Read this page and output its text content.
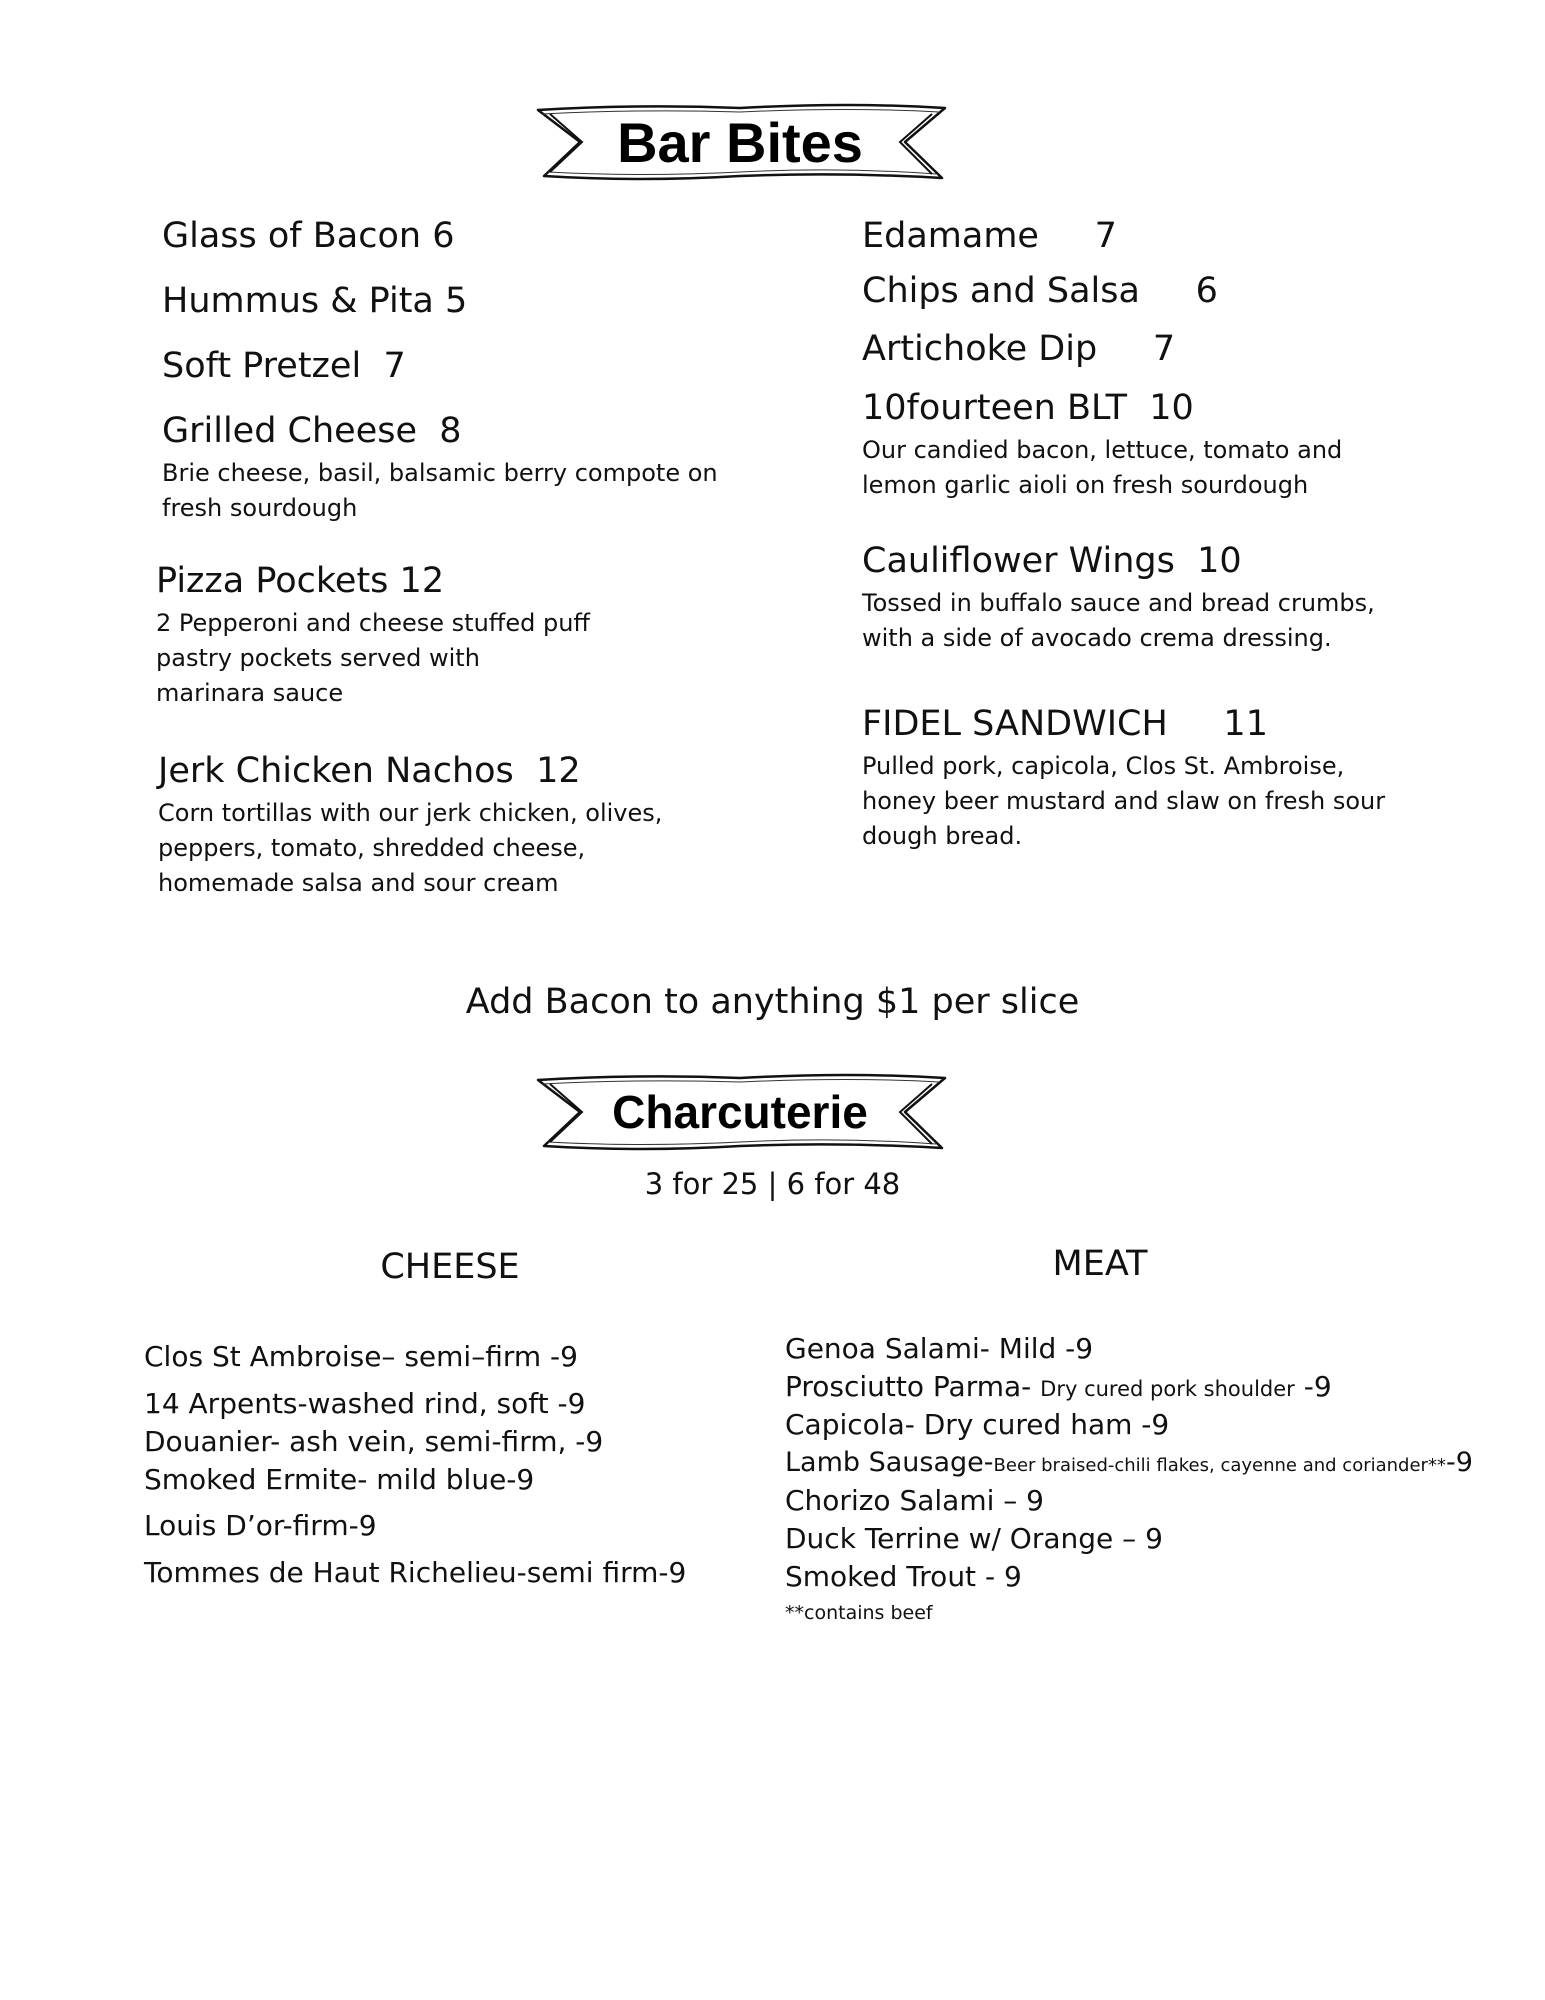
Bar Bites
Glass of Bacon 6
Hummus & Pita 5
Soft Pretzel 7
Grilled Cheese 8
Brie cheese, basil, balsamic berry compote on fresh sourdough
Pizza Pockets 12
2 Pepperoni and cheese stuffed puff pastry pockets served with marinara sauce
Jerk Chicken Nachos 12
Corn tortillas with our jerk chicken, olives, peppers, tomato, shredded cheese, homemade salsa and sour cream
Edamame 7
Chips and Salsa 6
Artichoke Dip 7
10fourteen BLT 10
Our candied bacon, lettuce, tomato and lemon garlic aioli on fresh sourdough
Cauliflower Wings 10
Tossed in buffalo sauce and bread crumbs, with a side of avocado crema dressing.
FIDEL SANDWICH 11
Pulled pork, capicola, Clos St. Ambroise, honey beer mustard and slaw on fresh sour dough bread.
Add Bacon to anything $1 per slice
Charcuterie
3 for 25 | 6 for 48
CHEESE	MEAT
Clos St Ambroise– semi–firm -9
14 Arpents-washed rind, soft -9
Douanier- ash vein, semi-firm, -9
Smoked Ermite- mild blue-9
Louis D’or-firm-9
Tommes de Haut Richelieu-semi firm-9
Genoa Salami- Mild -9
Prosciutto Parma- Dry cured pork shoulder -9
Capicola- Dry cured ham -9
Lamb Sausage-Beer braised-chili flakes, cayenne and coriander**-9
Chorizo Salami – 9
Duck Terrine w/ Orange – 9
Smoked Trout - 9
**contains beef
